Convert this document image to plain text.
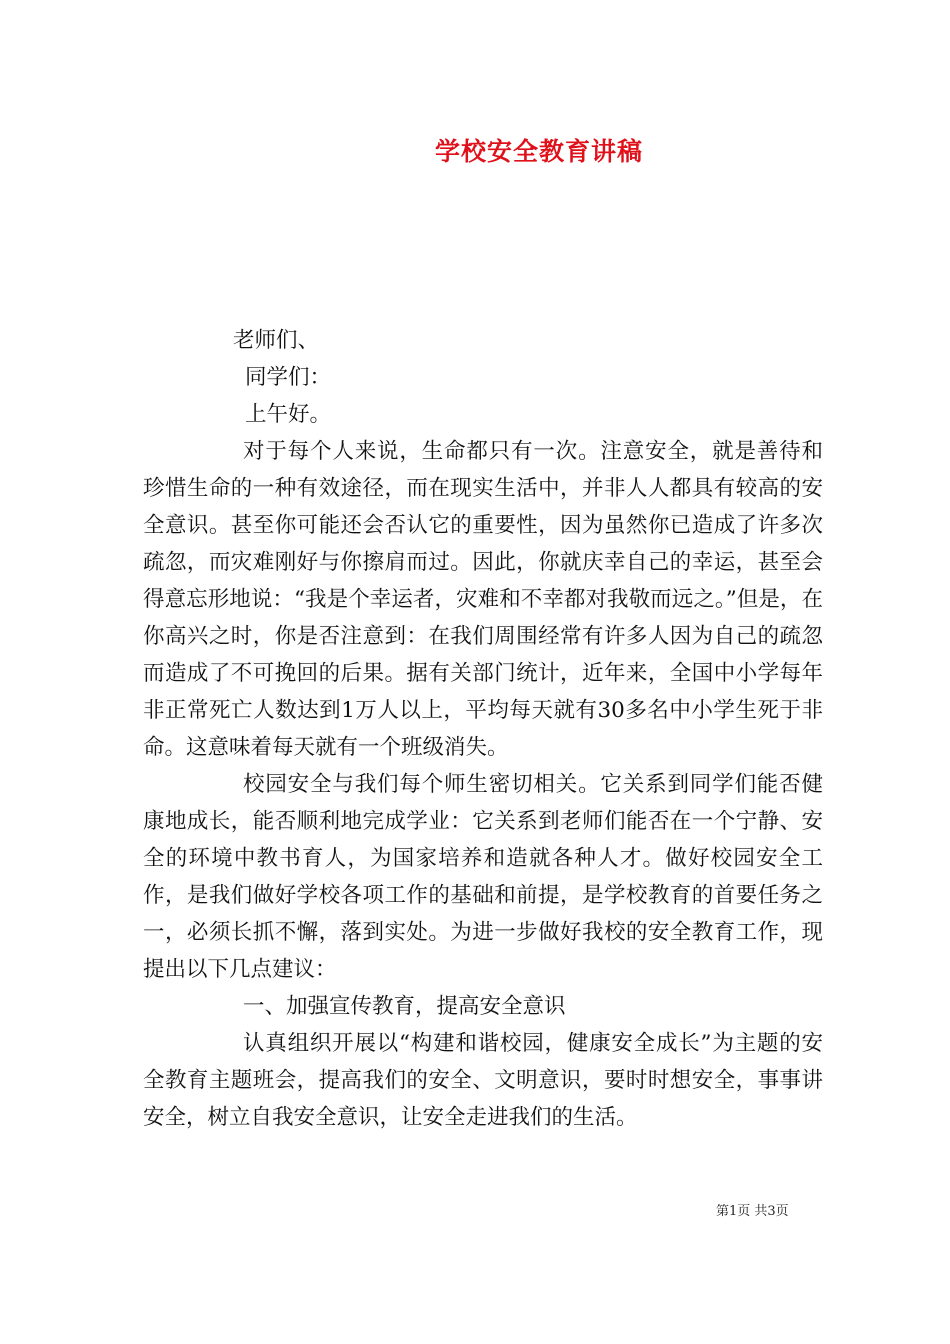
学校安全教育讲稿

老师们、

同学们：

上午好。

对于每个人来说，生命都只有一次。注意安全，就是善待和珍惜生命的一种有效途径，而在现实生活中，并非人人都具有较高的安全意识。甚至你可能还会否认它的重要性，因为虽然你已造成了许多次疏忽，而灾难刚好与你擦肩而过。因此，你就庆幸自己的幸运，甚至会得意忘形地说：“我是个幸运者，灾难和不幸都对我敬而远之。”但是，在你高兴之时，你是否注意到：在我们周围经常有许多人因为自己的疏忽而造成了不可挽回的后果。据有关部门统计，近年来，全国中小学每年非正常死亡人数达到1万人以上，平均每天就有30多名中小学生死于非命。这意味着每天就有一个班级消失。

校园安全与我们每个师生密切相关。它关系到同学们能否健康地成长，能否顺利地完成学业：它关系到老师们能否在一个宁静、安全的环境中教书育人，为国家培养和造就各种人才。做好校园安全工作，是我们做好学校各项工作的基础和前提，是学校教育的首要任务之一，必须长抓不懈，落到实处。为进一步做好我校的安全教育工作，现提出以下几点建议：

一、加强宣传教育，提高安全意识

认真组织开展以“构建和谐校园，健康安全成长”为主题的安全教育主题班会，提高我们的安全、文明意识，要时时想安全，事事讲安全，树立自我安全意识，让安全走进我们的生活。

第1页 共3页
